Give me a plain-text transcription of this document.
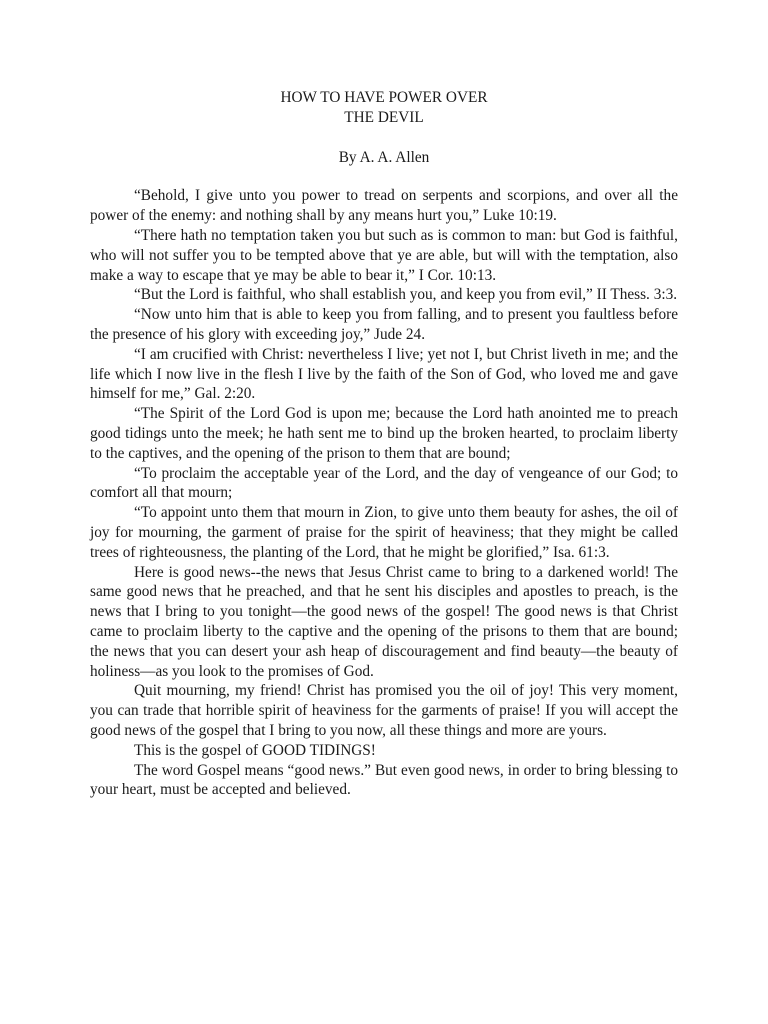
HOW TO HAVE POWER OVER
THE DEVIL

By A. A. Allen

“Behold, I give unto you power to tread on serpents and scorpions, and over all the power of the enemy: and nothing shall by any means hurt you,” Luke 10:19.

“There hath no temptation taken you but such as is common to man: but God is faithful, who will not suffer you to be tempted above that ye are able, but will with the temptation, also make a way to escape that ye may be able to bear it,” I Cor. 10:13.

“But the Lord is faithful, who shall establish you, and keep you from evil,” II Thess. 3:3.

“Now unto him that is able to keep you from falling, and to present you faultless before the presence of his glory with exceeding joy,” Jude 24.

“I am crucified with Christ: nevertheless I live; yet not I, but Christ liveth in me; and the life which I now live in the flesh I live by the faith of the Son of God, who loved me and gave himself for me,” Gal. 2:20.

“The Spirit of the Lord God is upon me; because the Lord hath anointed me to preach good tidings unto the meek; he hath sent me to bind up the broken hearted, to proclaim liberty to the captives, and the opening of the prison to them that are bound;

“To proclaim the acceptable year of the Lord, and the day of vengeance of our God; to comfort all that mourn;

“To appoint unto them that mourn in Zion, to give unto them beauty for ashes, the oil of joy for mourning, the garment of praise for the spirit of heaviness; that they might be called trees of righteousness, the planting of the Lord, that he might be glorified,” Isa. 61:3.

Here is good news--the news that Jesus Christ came to bring to a darkened world! The same good news that he preached, and that he sent his disciples and apostles to preach, is the news that I bring to you tonight—the good news of the gospel! The good news is that Christ came to proclaim liberty to the captive and the opening of the prisons to them that are bound; the news that you can desert your ash heap of discouragement and find beauty—the beauty of holiness—as you look to the promises of God.

Quit mourning, my friend! Christ has promised you the oil of joy! This very moment, you can trade that horrible spirit of heaviness for the garments of praise! If you will accept the good news of the gospel that I bring to you now, all these things and more are yours.

This is the gospel of GOOD TIDINGS!

The word Gospel means “good news.” But even good news, in order to bring blessing to your heart, must be accepted and believed.
